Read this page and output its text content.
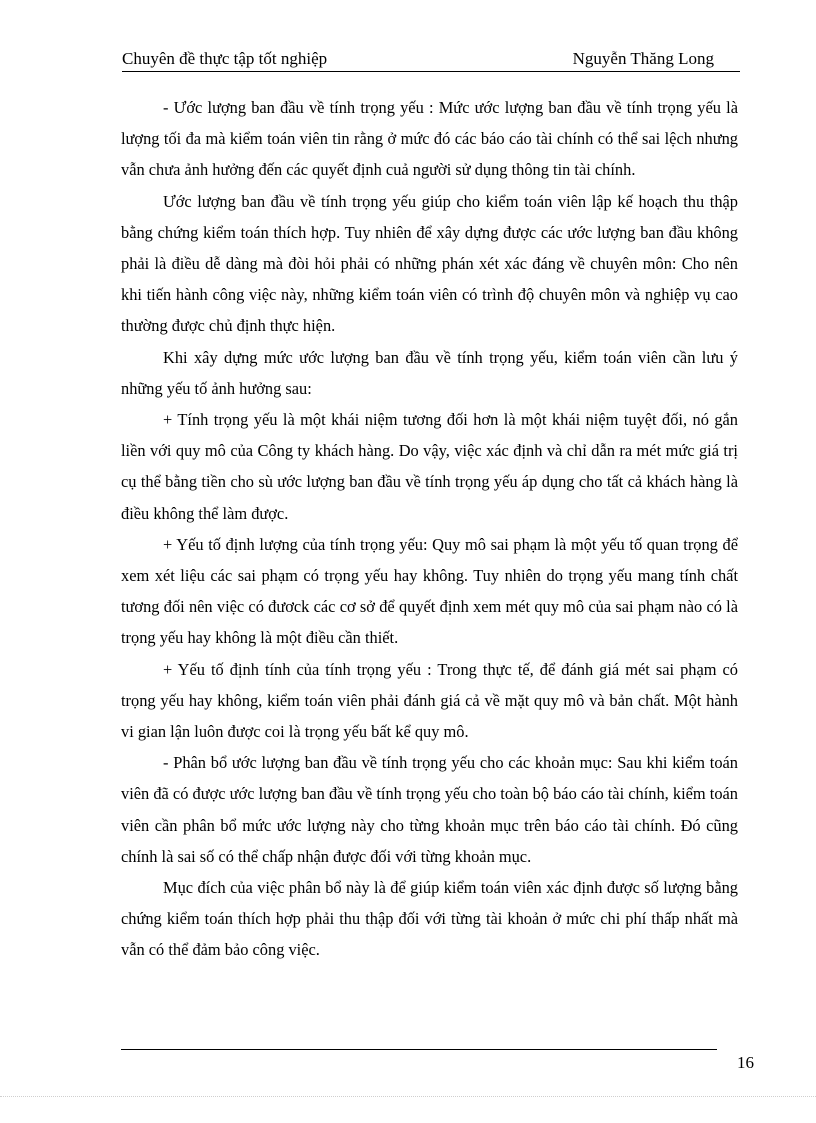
Chuyên đề thực tập tốt nghiệp	Nguyễn Thăng Long

- Ước lượng ban đầu về tính trọng yếu : Mức ước lượng ban đầu về tính trọng yếu là lượng tối đa mà kiểm toán viên tin rằng ở mức đó các báo cáo tài chính có thể sai lệch nhưng vẫn chưa ảnh hưởng đến các quyết định cuả người sử dụng thông tin tài chính.

Ước lượng ban đầu về tính trọng yếu giúp cho kiểm toán viên lập kế hoạch thu thập bằng chứng kiểm toán thích hợp. Tuy nhiên để xây dựng được các ước lượng ban đầu không phải là điều dễ dàng mà đòi hỏi phải có những phán xét xác đáng về chuyên môn: Cho nên khi tiến hành công việc này, những kiểm toán viên có trình độ chuyên môn và nghiệp vụ cao thường được chủ định thực hiện.

Khi xây dựng mức ước lượng ban đầu về tính trọng yếu, kiểm toán viên cần lưu ý những yếu tố ảnh hưởng sau:

+ Tính trọng yếu là một khái niệm tương đối hơn là một khái niệm tuyệt đối, nó gắn liền với quy mô của Công ty khách hàng. Do vậy, việc xác định và chỉ dẫn ra mét mức giá trị cụ thể bằng tiền cho sù ước lượng ban đầu về tính trọng yếu áp dụng cho tất cả khách hàng là điều không thể làm được.

+ Yếu tố định lượng của tính trọng yếu: Quy mô sai phạm là một yếu tố quan trọng để xem xét liệu các sai phạm có trọng yếu hay không. Tuy nhiên do trọng yếu mang tính chất tương đối nên việc có đươck các cơ sở để quyết định xem mét quy mô của sai phạm nào có là trọng yếu hay không là một điều cần thiết.

+ Yếu tố định tính của tính trọng yếu : Trong thực tế, để đánh giá mét sai phạm có trọng yếu hay không, kiểm toán viên phải đánh giá cả về mặt quy mô và bản chất. Một hành vi gian lận luôn được coi là trọng yếu bất kể quy mô.

- Phân bổ ước lượng ban đầu về tính trọng yếu cho các khoản mục: Sau khi kiểm toán viên đã có được ước lượng ban đầu về tính trọng yếu cho toàn bộ báo cáo tài chính, kiểm toán viên cần phân bổ mức ước lượng này cho từng khoản mục trên báo cáo tài chính. Đó cũng chính là sai số có thể chấp nhận được đối với từng khoản mục.

Mục đích của việc phân bổ này là để giúp kiểm toán viên xác định được số lượng bằng chứng kiểm toán thích hợp phải thu thập đối với từng tài khoản ở mức chi phí thấp nhất mà vẫn có thể đảm bảo công việc.

16
